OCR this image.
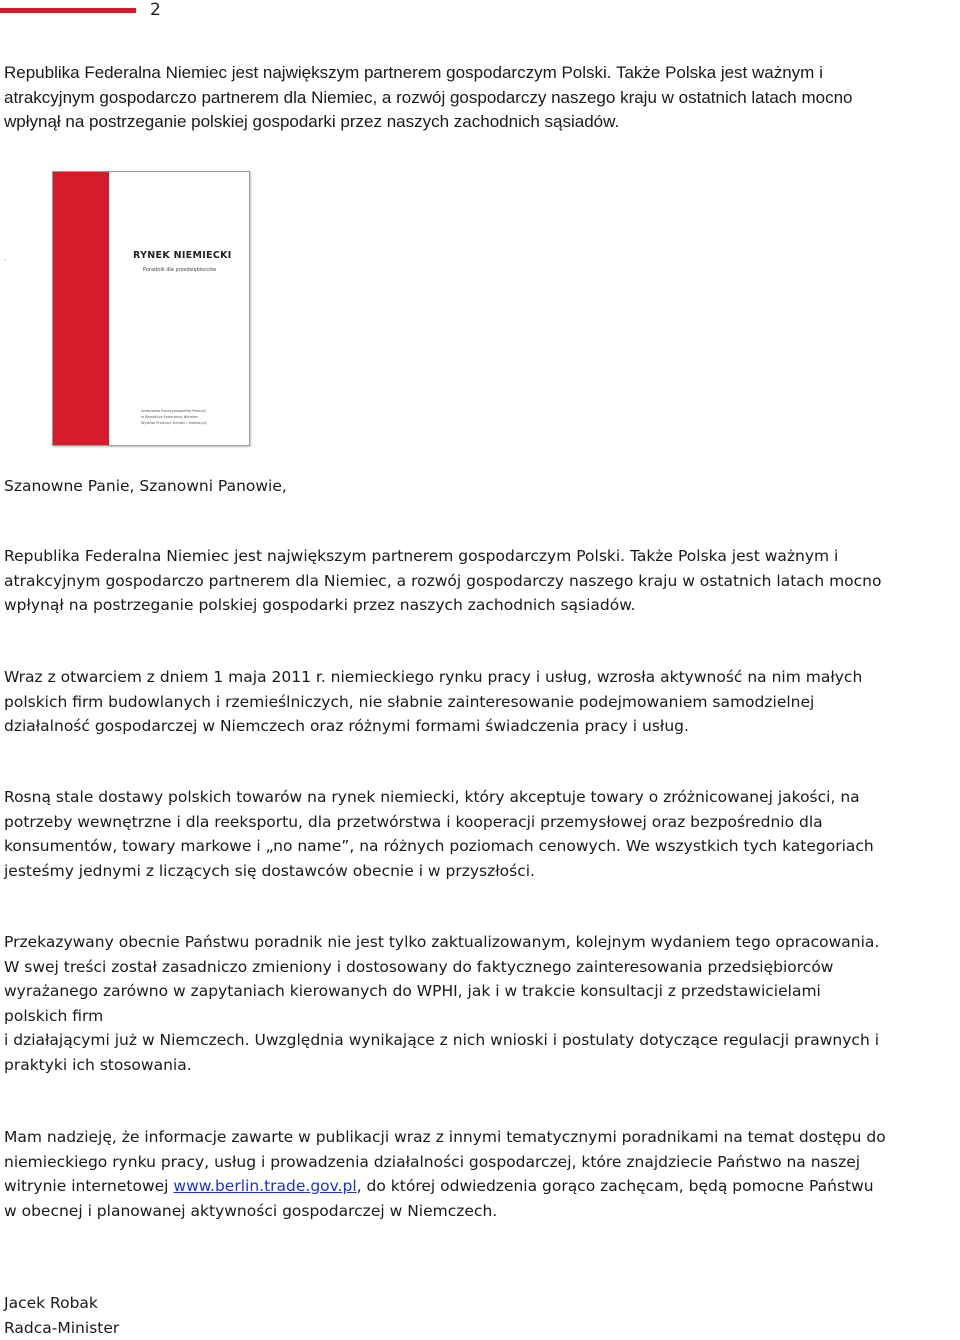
2
Republika Federalna Niemiec jest największym partnerem gospodarczym Polski. Także Polska jest ważnym i
atrakcyjnym gospodarczo partnerem dla Niemiec, a rozwój gospodarczy naszego kraju w ostatnich latach mocno
wpłynął na postrzeganie polskiej gospodarki przez naszych zachodnich sąsiadów.
-	RYNEK NIEMIECKI
Poradnik dla przedsiębiorców
Ambasada Rzeczypospolitej Polskiej
w Republice Federalnej Niemiec
Wydział Promocji Handlu i Inwestycji
Szanowne Panie, Szanowni Panowie,
Republika Federalna Niemiec jest największym partnerem gospodarczym Polski. Także Polska jest ważnym i
atrakcyjnym gospodarczo partnerem dla Niemiec, a rozwój gospodarczy naszego kraju w ostatnich latach mocno
wpłynął na postrzeganie polskiej gospodarki przez naszych zachodnich sąsiadów.
Wraz z otwarciem z dniem 1 maja 2011 r. niemieckiego rynku pracy i usług, wzrosła aktywność na nim małych
polskich firm budowlanych i rzemieślniczych, nie słabnie zainteresowanie podejmowaniem samodzielnej
działalność gospodarczej w Niemczech oraz różnymi formami świadczenia pracy i usług.
Rosną stale dostawy polskich towarów na rynek niemiecki, który akceptuje towary o zróżnicowanej jakości, na
potrzeby wewnętrzne i dla reeksportu, dla przetwórstwa i kooperacji przemysłowej oraz bezpośrednio dla
konsumentów, towary markowe i „no name”, na różnych poziomach cenowych. We wszystkich tych kategoriach
jesteśmy jednymi z liczących się dostawców obecnie i w przyszłości.
Przekazywany obecnie Państwu poradnik nie jest tylko zaktualizowanym, kolejnym wydaniem tego opracowania.
W swej treści został zasadniczo zmieniony i dostosowany do faktycznego zainteresowania przedsiębiorców
wyrażanego zarówno w zapytaniach kierowanych do WPHI, jak i w trakcie konsultacji z przedstawicielami
polskich firm
i działającymi już w Niemczech. Uwzględnia wynikające z nich wnioski i postulaty dotyczące regulacji prawnych i
praktyki ich stosowania.
Mam nadzieję, że informacje zawarte w publikacji wraz z innymi tematycznymi poradnikami na temat dostępu do
niemieckiego rynku pracy, usług i prowadzenia działalności gospodarczej, które znajdziecie Państwo na naszej
witrynie internetowej www.berlin.trade.gov.pl, do której odwiedzenia gorąco zachęcam, będą pomocne Państwu
w obecnej i planowanej aktywności gospodarczej w Niemczech.
Jacek Robak
Radca-Minister
